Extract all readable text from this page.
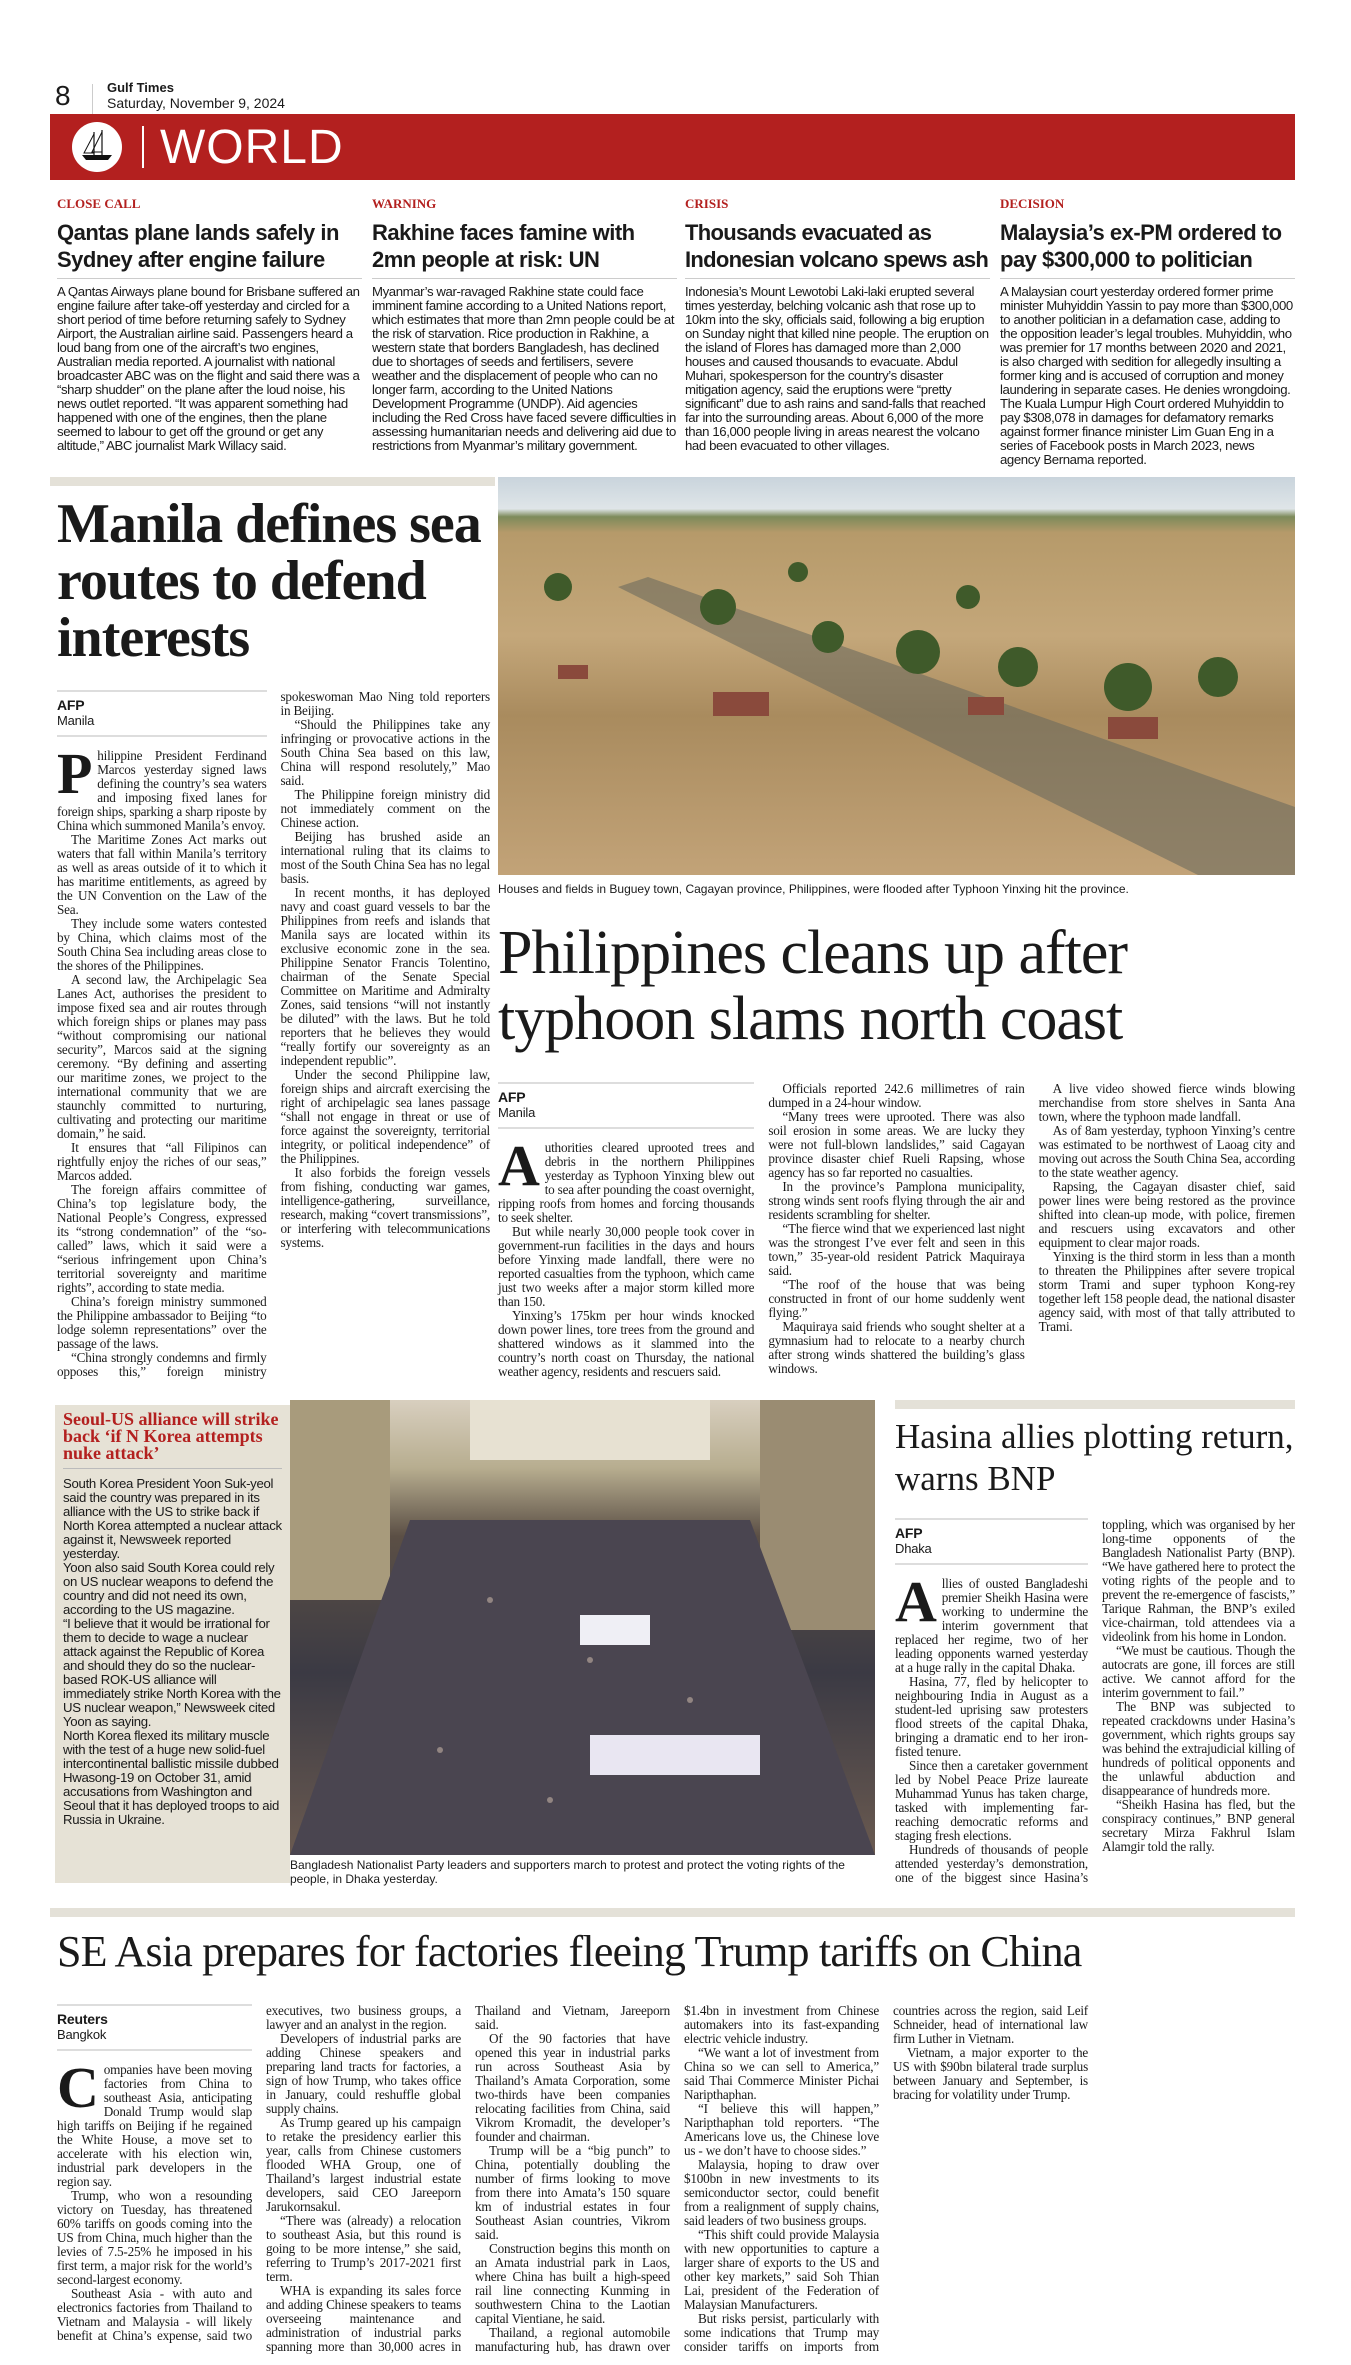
8	Gulf Times
Saturday, November 9, 2024
WORLD
CLOSE CALL
Qantas plane lands safely in Sydney after engine failure
A Qantas Airways plane bound for Brisbane suffered an engine failure after take-off yesterday and circled for a short period of time before returning safely to Sydney Airport, the Australian airline said. Passengers heard a loud bang from one of the aircraft’s two engines, Australian media reported. A journalist with national broadcaster ABC was on the flight and said there was a “sharp shudder” on the plane after the loud noise, his news outlet reported. “It was apparent something had happened with one of the engines, then the plane seemed to labour to get off the ground or get any altitude,” ABC journalist Mark Willacy said.
WARNING
Rakhine faces famine with 2mn people at risk: UN
Myanmar’s war-ravaged Rakhine state could face imminent famine according to a United Nations report, which estimates that more than 2mn people could be at the risk of starvation. Rice production in Rakhine, a western state that borders Bangladesh, has declined due to shortages of seeds and fertilisers, severe weather and the displacement of people who can no longer farm, according to the United Nations Development Programme (UNDP). Aid agencies including the Red Cross have faced severe difficulties in assessing humanitarian needs and delivering aid due to restrictions from Myanmar’s military government.
CRISIS
Thousands evacuated as Indonesian volcano spews ash
Indonesia’s Mount Lewotobi Laki-laki erupted several times yesterday, belching volcanic ash that rose up to 10km into the sky, officials said, following a big eruption on Sunday night that killed nine people. The eruption on the island of Flores has damaged more than 2,000 houses and caused thousands to evacuate. Abdul Muhari, spokesperson for the country’s disaster mitigation agency, said the eruptions were “pretty significant” due to ash rains and sand-falls that reached far into the surrounding areas. About 6,000 of the more than 16,000 people living in areas nearest the volcano had been evacuated to other villages.
DECISION
Malaysia’s ex-PM ordered to pay $300,000 to politician
A Malaysian court yesterday ordered former prime minister Muhyiddin Yassin to pay more than $300,000 to another politician in a defamation case, adding to the opposition leader’s legal troubles. Muhyiddin, who was premier for 17 months between 2020 and 2021, is also charged with sedition for allegedly insulting a former king and is accused of corruption and money laundering in separate cases. He denies wrongdoing. The Kuala Lumpur High Court ordered Muhyiddin to pay $308,078 in damages for defamatory remarks against former finance minister Lim Guan Eng in a series of Facebook posts in March 2023, news agency Bernama reported.
Manila defines sea routes to defend interests
AFP
Manila

Philippine President Ferdinand Marcos yesterday signed laws defining the country’s sea waters and imposing fixed lanes for foreign ships, sparking a sharp riposte by China which summoned Manila’s envoy.

The Maritime Zones Act marks out waters that fall within Manila’s territory as well as areas outside of it to which it has maritime entitlements, as agreed by the UN Convention on the Law of the Sea.

They include some waters contested by China, which claims most of the South China Sea including areas close to the shores of the Philippines.

A second law, the Archipelagic Sea Lanes Act, authorises the president to impose fixed sea and air routes through which foreign ships or planes may pass “without compromising our national security”, Marcos said at the signing ceremony. “By defining and asserting our maritime zones, we project to the international community that we are staunchly committed to nurturing, cultivating and protecting our maritime domain,” he said.

It ensures that “all Filipinos can rightfully enjoy the riches of our seas,” Marcos added.

The foreign affairs committee of China’s top legislature body, the National People’s Congress, expressed its “strong condemnation” of the “so-called” laws, which it said were a “serious infringement upon China’s territorial sovereignty and maritime rights”, according to state media.

China’s foreign ministry summoned the Philippine ambassador to Beijing “to lodge solemn representations” over the passage of the laws.

“China strongly condemns and firmly opposes this,” foreign ministry spokeswoman Mao Ning told reporters in Beijing.

“Should the Philippines take any infringing or provocative actions in the South China Sea based on this law, China will respond resolutely,” Mao said.

The Philippine foreign ministry did not immediately comment on the Chinese action.

Beijing has brushed aside an international ruling that its claims to most of the South China Sea has no legal basis.

In recent months, it has deployed navy and coast guard vessels to bar the Philippines from reefs and islands that Manila says are located within its exclusive economic zone in the sea. Philippine Senator Francis Tolentino, chairman of the Senate Special Committee on Maritime and Admiralty Zones, said tensions “will not instantly be diluted” with the laws. But he told reporters that he believes they would “really fortify our sovereignty as an independent republic”.

Under the second Philippine law, foreign ships and aircraft exercising the right of archipelagic sea lanes passage “shall not engage in threat or use of force against the sovereignty, territorial integrity, or political independence” of the Philippines.

It also forbids the foreign vessels from fishing, conducting war games, intelligence-gathering, surveillance, research, making “covert transmissions”, or interfering with telecommunications systems.

Houses and fields in Buguey town, Cagayan province, Philippines, were flooded after Typhoon Yinxing hit the province.
Philippines cleans up after typhoon slams north coast
AFP
Manila

Authorities cleared uprooted trees and debris in the northern Philippines yesterday as Typhoon Yinxing blew out to sea after pounding the coast overnight, ripping roofs from homes and forcing thousands to seek shelter.

But while nearly 30,000 people took cover in government-run facilities in the days and hours before Yinxing made landfall, there were no reported casualties from the typhoon, which came just two weeks after a major storm killed more than 150.

Yinxing’s 175km per hour winds knocked down power lines, tore trees from the ground and shattered windows as it slammed into the country’s north coast on Thursday, the national weather agency, residents and rescuers said.

Officials reported 242.6 millimetres of rain dumped in a 24-hour window.

“Many trees were uprooted. There was also soil erosion in some areas. We are lucky they were not full-blown landslides,” said Cagayan province disaster chief Rueli Rapsing, whose agency has so far reported no casualties.

In the province’s Pamplona municipality, strong winds sent roofs flying through the air and residents scrambling for shelter.

“The fierce wind that we experienced last night was the strongest I’ve ever felt and seen in this town,” 35-year-old resident Patrick Maquiraya said.

“The roof of the house that was being constructed in front of our home suddenly went flying.”

Maquiraya said friends who sought shelter at a gymnasium had to relocate to a nearby church after strong winds shattered the building’s glass windows.

A live video showed fierce winds blowing merchandise from store shelves in Santa Ana town, where the typhoon made landfall.

As of 8am yesterday, typhoon Yinxing’s centre was estimated to be northwest of Laoag city and moving out across the South China Sea, according to the state weather agency.

Rapsing, the Cagayan disaster chief, said power lines were being restored as the province shifted into clean-up mode, with police, firemen and rescuers using excavators and other equipment to clear major roads.

Yinxing is the third storm in less than a month to threaten the Philippines after severe tropical storm Trami and super typhoon Kong-rey together left 158 people dead, the national disaster agency said, with most of that tally attributed to Trami.

Seoul-US alliance will strike back ‘if N Korea attempts nuke attack’

South Korea President Yoon Suk-yeol said the country was prepared in its alliance with the US to strike back if North Korea attempted a nuclear attack against it, Newsweek reported yesterday.

Yoon also said South Korea could rely on US nuclear weapons to defend the country and did not need its own, according to the US magazine.

“I believe that it would be irrational for them to decide to wage a nuclear attack against the Republic of Korea and should they do so the nuclear-based ROK-US alliance will immediately strike North Korea with the US nuclear weapon,” Newsweek cited Yoon as saying.

North Korea flexed its military muscle with the test of a huge new solid-fuel intercontinental ballistic missile dubbed Hwasong-19 on October 31, amid accusations from Washington and Seoul that it has deployed troops to aid Russia in Ukraine.

Bangladesh Nationalist Party leaders and supporters march to protest and protect the voting rights of the people, in Dhaka yesterday.
Hasina allies plotting return, warns BNP
AFP
Dhaka

Allies of ousted Bangladeshi premier Sheikh Hasina were working to undermine the interim government that replaced her regime, two of her leading opponents warned yesterday at a huge rally in the capital Dhaka.

Hasina, 77, fled by helicopter to neighbouring India in August as a student-led uprising saw protesters flood streets of the capital Dhaka, bringing a dramatic end to her iron-fisted tenure.

Since then a caretaker government led by Nobel Peace Prize laureate Muhammad Yunus has taken charge, tasked with implementing far-reaching democratic reforms and staging fresh elections.

Hundreds of thousands of people attended yesterday’s demonstration, one of the biggest since Hasina’s toppling, which was organised by her long-time opponents of the Bangladesh Nationalist Party (BNP). “We have gathered here to protect the voting rights of the people and to prevent the re-emergence of fascists,” Tarique Rahman, the BNP’s exiled vice-chairman, told attendees via a videolink from his home in London.

“We must be cautious. Though the autocrats are gone, ill forces are still active. We cannot afford for the interim government to fail.”

The BNP was subjected to repeated crackdowns under Hasina’s government, which rights groups say was behind the extrajudicial killing of hundreds of political opponents and the unlawful abduction and disappearance of hundreds more.

“Sheikh Hasina has fled, but the conspiracy continues,” BNP general secretary Mirza Fakhrul Islam Alamgir told the rally.

SE Asia prepares for factories fleeing Trump tariffs on China
Reuters
Bangkok

Companies have been moving factories from China to southeast Asia, anticipating Donald Trump would slap high tariffs on Beijing if he regained the White House, a move set to accelerate with his election win, industrial park developers in the region say.

Trump, who won a resounding victory on Tuesday, has threatened 60% tariffs on goods coming into the US from China, much higher than the levies of 7.5-25% he imposed in his first term, a major risk for the world’s second-largest economy.

Southeast Asia - with auto and electronics factories from Thailand to Vietnam and Malaysia - will likely benefit at China’s expense, said two executives, two business groups, a lawyer and an analyst in the region.

Developers of industrial parks are adding Chinese speakers and preparing land tracts for factories, a sign of how Trump, who takes office in January, could reshuffle global supply chains.

As Trump geared up his campaign to retake the presidency earlier this year, calls from Chinese customers flooded WHA Group, one of Thailand’s largest industrial estate developers, said CEO Jareeporn Jarukornsakul.

“There was (already) a relocation to southeast Asia, but this round is going to be more intense,” she said, referring to Trump’s 2017-2021 first term.

WHA is expanding its sales force and adding Chinese speakers to teams overseeing maintenance and administration of industrial parks spanning more than 30,000 acres in Thailand and Vietnam, Jareeporn said.

Of the 90 factories that have opened this year in industrial parks run across Southeast Asia by Thailand’s Amata Corporation, some two-thirds have been companies relocating facilities from China, said Vikrom Kromadit, the developer’s founder and chairman.

Trump will be a “big punch” to China, potentially doubling the number of firms looking to move from there into Amata’s 150 square km of industrial estates in four Southeast Asian countries, Vikrom said.

Construction begins this month on an Amata industrial park in Laos, where China has built a high-speed rail line connecting Kunming in southwestern China to the Laotian capital Vientiane, he said.

Thailand, a regional automobile manufacturing hub, has drawn over $1.4bn in investment from Chinese automakers into its fast-expanding electric vehicle industry.

“We want a lot of investment from China so we can sell to America,” said Thai Commerce Minister Pichai Naripthaphan.

“I believe this will happen,” Naripthaphan told reporters. “The Americans love us, the Chinese love us - we don’t have to choose sides.”

Malaysia, hoping to draw over $100bn in new investments to its semiconductor sector, could benefit from a realignment of supply chains, said leaders of two business groups.

“This shift could provide Malaysia with new opportunities to capture a larger share of exports to the US and other key markets,” said Soh Thian Lai, president of the Federation of Malaysian Manufacturers.

But risks persist, particularly with some indications that Trump may consider tariffs on imports from countries across the region, said Leif Schneider, head of international law firm Luther in Vietnam.

Vietnam, a major exporter to the US with $90bn bilateral trade surplus between January and September, is bracing for volatility under Trump.
